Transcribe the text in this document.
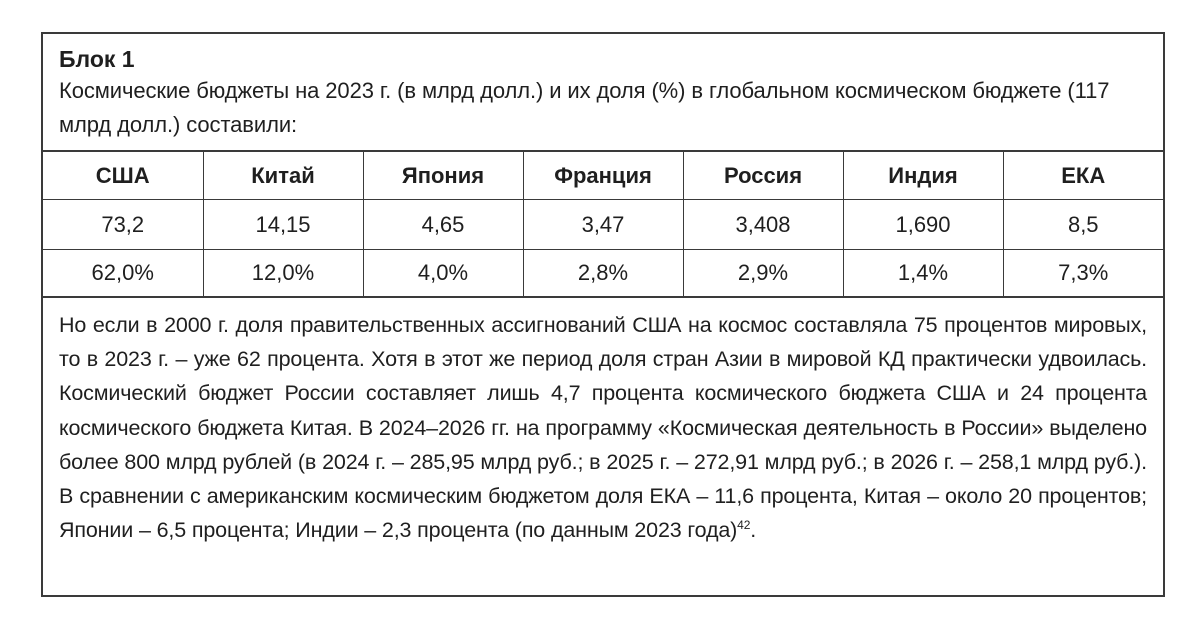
Блок 1

Космические бюджеты на 2023 г. (в млрд долл.) и их доля (%) в глобальном космическом бюджете (117 млрд долл.) составили:

США	Китай	Япония	Франция	Россия	Индия	ЕКА
73,2	14,15	4,65	3,47	3,408	1,690	8,5
62,0%	12,0%	4,0%	2,8%	2,9%	1,4%	7,3%
Но если в 2000 г. доля правительственных ассигнований США на космос составляла 75 процентов мировых, то в 2023 г. – уже 62 процента. Хотя в этот же период доля стран Азии в мировой КД практически удвоилась. Космический бюджет России составляет лишь 4,7 процента космического бюджета США и 24 процента космического бюджета Китая. В 2024–2026 гг. на программу «Космическая деятельность в России» выделено более 800 млрд рублей (в 2024 г. – 285,95 млрд руб.; в 2025 г. – 272,91 млрд руб.; в 2026 г. – 258,1 млрд руб.). В сравнении с американским космическим бюджетом доля ЕКА – 11,6 процента, Китая – около 20 процентов; Японии – 6,5 процента; Индии – 2,3 процента (по данным 2023 года)$^{42}$.
